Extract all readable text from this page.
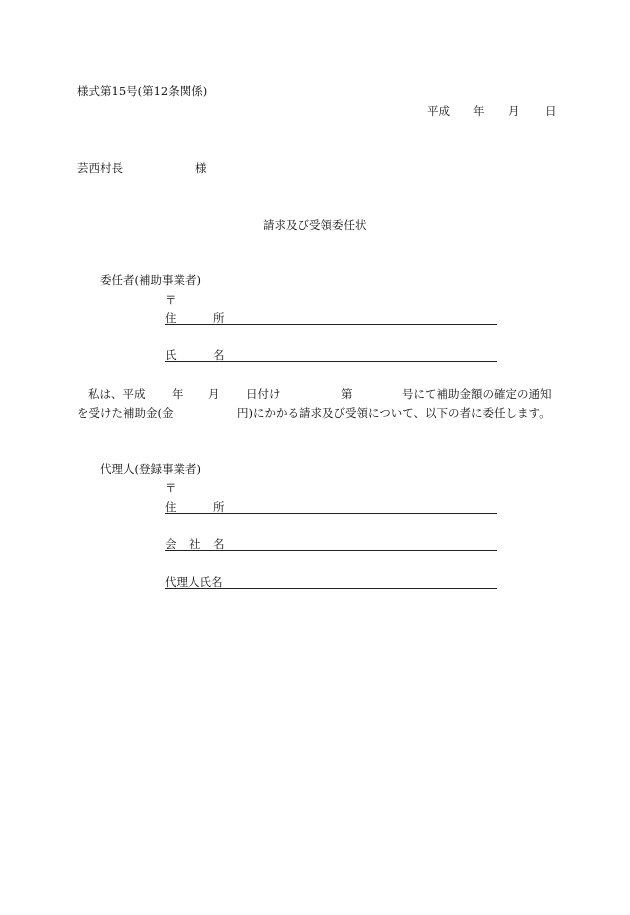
様式第15号(第12条関係)
平成 年 月 日
芸西村長	様
請求及び受領委任状
委任者(補助事業者)
〒
住	所
氏	名
私は、平成 年 月 日付け	第	号にて補助金額の確定の通知
を受けた補助金(金	円)にかかる請求及び受領について、以下の者に委任します。
代理人(登録事業者)
〒
住	所
会 社 名
代理人氏名
